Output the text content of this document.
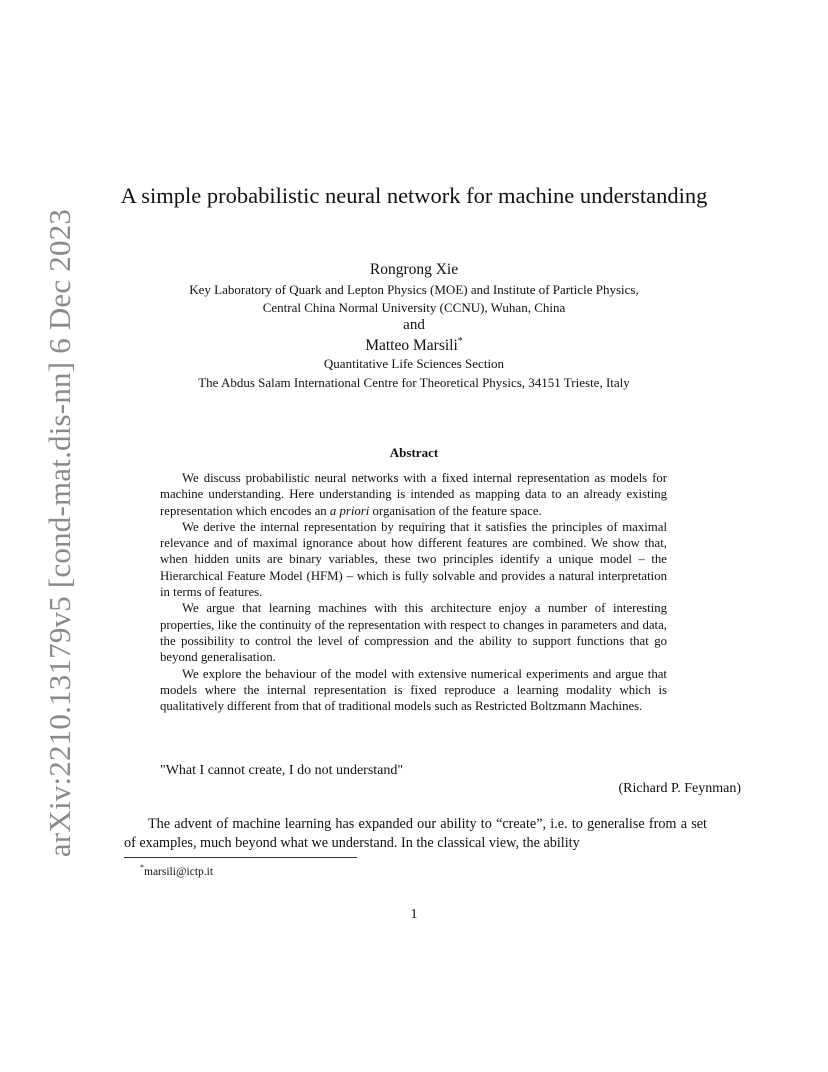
arXiv:2210.13179v5 [cond-mat.dis-nn] 6 Dec 2023
A simple probabilistic neural network for machine understanding
Rongrong Xie
Key Laboratory of Quark and Lepton Physics (MOE) and Institute of Particle Physics,
Central China Normal University (CCNU), Wuhan, China
and
Matteo Marsili*
Quantitative Life Sciences Section
The Abdus Salam International Centre for Theoretical Physics, 34151 Trieste, Italy
Abstract

We discuss probabilistic neural networks with a fixed internal representation as models for machine understanding. Here understanding is intended as mapping data to an already existing representation which encodes an a priori organisation of the feature space.

We derive the internal representation by requiring that it satisfies the principles of maximal relevance and of maximal ignorance about how different features are combined. We show that, when hidden units are binary variables, these two principles identify a unique model – the Hierarchical Feature Model (HFM) – which is fully solvable and provides a natural interpretation in terms of features.

We argue that learning machines with this architecture enjoy a number of interesting properties, like the continuity of the representation with respect to changes in parameters and data, the possibility to control the level of compression and the ability to support functions that go beyond generalisation.

We explore the behaviour of the model with extensive numerical experiments and argue that models where the internal representation is fixed reproduce a learning modality which is qualitatively different from that of traditional models such as Restricted Boltzmann Machines.

"What I cannot create, I do not understand"
(Richard P. Feynman)

The advent of machine learning has expanded our ability to “create”, i.e. to generalise from a set of examples, much beyond what we understand. In the classical view, the ability

*marsili@ictp.it
1
